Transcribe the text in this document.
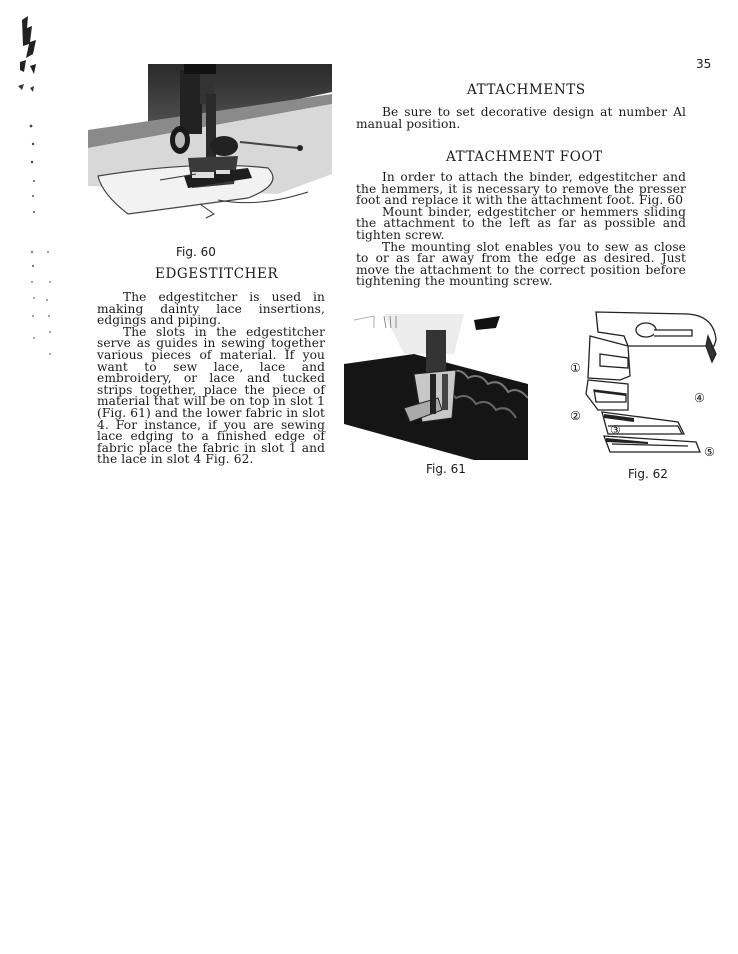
35
Fig. 60
EDGESTITCHER

The edgestitcher is used in making dainty lace insertions, edgings and piping.

The slots in the edgestitcher serve as guides in sewing together various pieces of material. If you want to sew lace, lace and embroidery, or lace and tucked strips together, place the piece of material that will be on top in slot 1 (Fig. 61) and the lower fabric in slot 4. For instance, if you are sewing lace edging to a finished edge of fabric place the fabric in slot 1 and the lace in slot 4 Fig. 62.

ATTACHMENTS

Be sure to set decorative design at number Al manual position.

ATTACHMENT FOOT

In order to attach the binder, edgestitcher and the hemmers, it is necessary to remove the presser foot and replace it with the attachment foot. Fig. 60

Mount binder, edgestitcher or hemmers sliding the attachment to the left as far as possible and tighten screw.

The mounting slot enables you to sew as close to or as far away from the edge as desired. Just move the attachment to the correct position before tightening the mounting screw.

Fig. 61
①
②
③
④
⑤
Fig. 62
